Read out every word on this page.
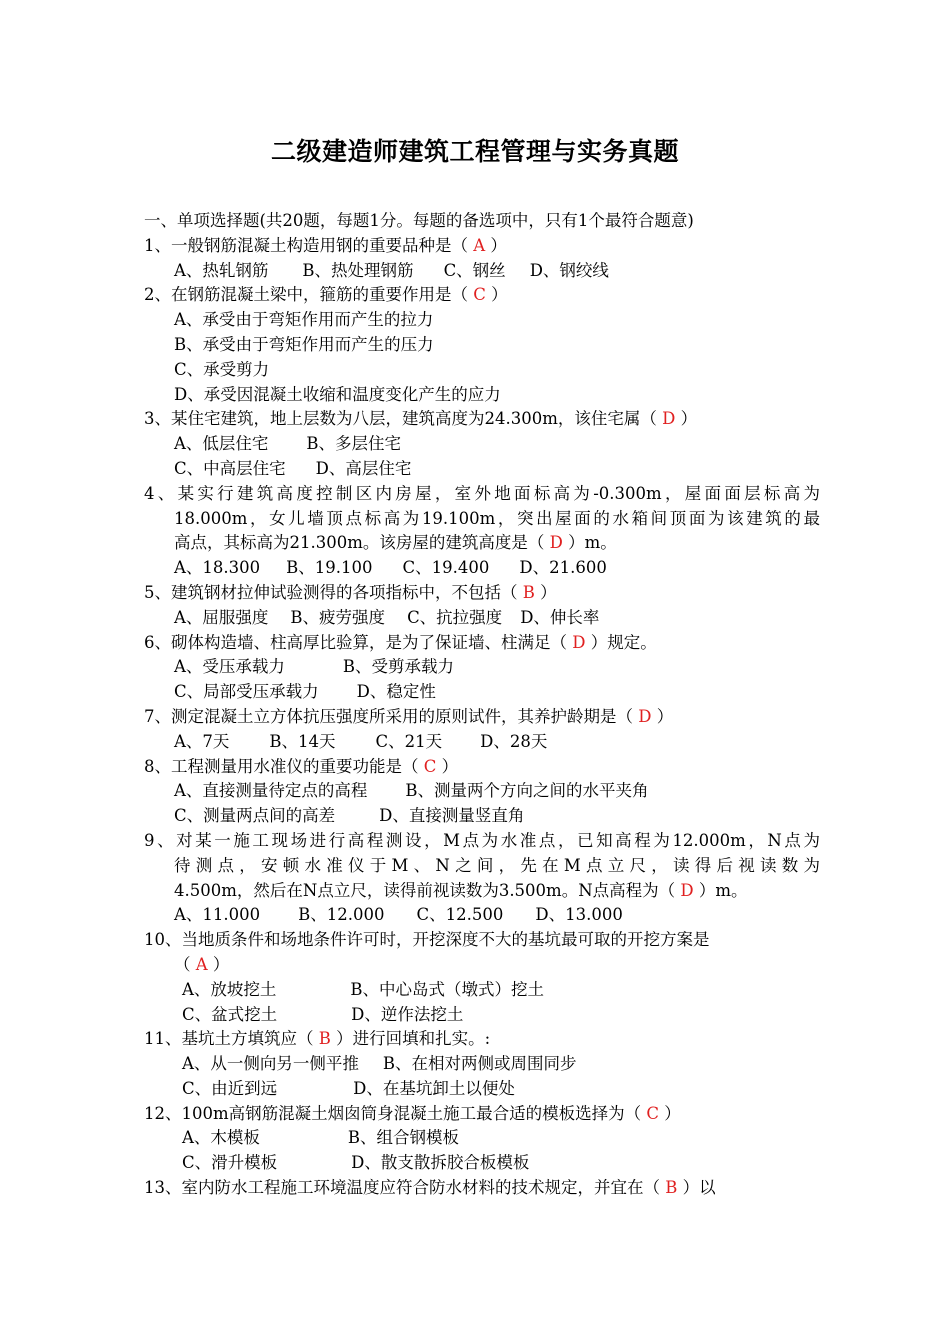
二级建造师建筑工程管理与实务真题
一、单项选择题(共20题，每题1分。每题的备选项中，只有1个最符合题意)
1、一般钢筋混凝土构造用钢的重要品种是（ A ）
A、热轧钢筋 B、热处理钢筋 C、钢丝 D、钢绞线
2、在钢筋混凝土梁中，箍筋的重要作用是（ C ）
A、承受由于弯矩作用而产生的拉力
B、承受由于弯矩作用而产生的压力
C、承受剪力
D、承受因混凝土收缩和温度变化产生的应力
3、某住宅建筑，地上层数为八层，建筑高度为24.300m，该住宅属（ D ）
A、低层住宅 B、多层住宅
C、中高层住宅 D、高层住宅
4、某实行建筑高度控制区内房屋，室外地面标高为-0.300m，屋面面层标高为
18.000m，女儿墙顶点标高为19.100m，突出屋面的水箱间顶面为该建筑的最
高点，其标高为21.300m。该房屋的建筑高度是（ D ）m。
A、18.300 B、19.100 C、19.400 D、21.600
5、建筑钢材拉伸试验测得的各项指标中，不包括（ B ）
A、屈服强度 B、疲劳强度 C、抗拉强度 D、伸长率
6、砌体构造墙、柱高厚比验算，是为了保证墙、柱满足（ D ）规定。
A、受压承载力	B、受剪承载力
C、局部受压承载力 D、稳定性
7、测定混凝土立方体抗压强度所采用的原则试件，其养护龄期是（ D ）
A、7天 B、14天 C、21天 D、28天
8、工程测量用水准仪的重要功能是（ C ）
A、直接测量待定点的高程 B、测量两个方向之间的水平夹角
C、测量两点间的高差	D、直接测量竖直角
9、对某一施工现场进行高程测设，M点为水准点，已知高程为12.000m，N点为
待测点，安顿水准仪于M、N之间，先在M点立尺，读得后视读数为
4.500m，然后在N点立尺，读得前视读数为3.500m。N点高程为（ D ）m。
A、11.000 B、12.000 C、12.500 D、13.000
10、当地质条件和场地条件许可时，开挖深度不大的基坑最可取的开挖方案是
（ A ）
A、放坡挖土	B、中心岛式（墩式）挖土
C、盆式挖土	D、逆作法挖土
11、基坑土方填筑应（ B ）进行回填和扎实。:
A、从一侧向另一侧平推 B、在相对两侧或周围同步
C、由近到远	D、在基坑卸土以便处
12、100m高钢筋混凝土烟囱筒身混凝土施工最合适的模板选择为（ C ）
A、木模板	B、组合钢模板
C、滑升模板	D、散支散拆胶合板模板
13、室内防水工程施工环境温度应符合防水材料的技术规定，并宜在（ B ）以
